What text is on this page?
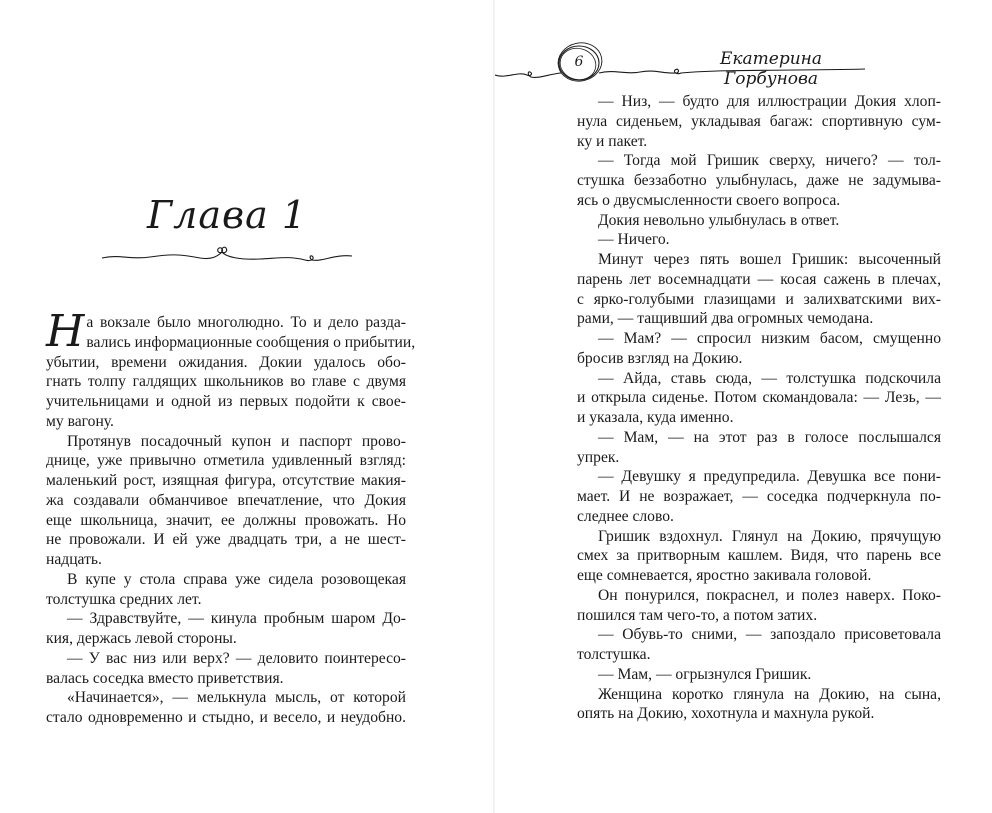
Глава 1
Н а вокзале было многолюдно. То и дело разда-
вались информационные сообщения о прибытии,
убытии, времени ожидания. Докии удалось обо-
гнать толпу галдящих школьников во главе с двумя
учительницами и одной из первых подойти к свое-
му вагону.
Протянув посадочный купон и паспорт прово-
днице, уже привычно отметила удивленный взгляд:
маленький рост, изящная фигура, отсутствие макия-
жа создавали обманчивое впечатление, что Докия
еще школьница, значит, ее должны провожать. Но
не провожали. И ей уже двадцать три, а не шест-
надцать.
В купе у стола справа уже сидела розовощекая
толстушка средних лет.
— Здравствуйте, — кинула пробным шаром До-
кия, держась левой стороны.
— У вас низ или верх? — деловито поинтересо-
валась соседка вместо приветствия.
«Начинается», — мелькнула мысль, от которой
стало одновременно и стыдно, и весело, и неудобно.
6	Екатерина Горбунова
— Низ, — будто для иллюстрации Докия хлоп-
нула сиденьем, укладывая багаж: спортивную сум-
ку и пакет.
— Тогда мой Гришик сверху, ничего? — тол-
стушка беззаботно улыбнулась, даже не задумыва-
ясь о двусмысленности своего вопроса.
Докия невольно улыбнулась в ответ.
— Ничего.
Минут через пять вошел Гришик: высоченный
парень лет восемнадцати — косая сажень в плечах,
с ярко-голубыми глазищами и залихватскими вих-
рами, — тащивший два огромных чемодана.
— Мам? — спросил низким басом, смущенно
бросив взгляд на Докию.
— Айда, ставь сюда, — толстушка подскочила
и открыла сиденье. Потом скомандовала: — Лезь, —
и указала, куда именно.
— Мам, — на этот раз в голосе послышался
упрек.
— Девушку я предупредила. Девушка все пони-
мает. И не возражает, — соседка подчеркнула по-
следнее слово.
Гришик вздохнул. Глянул на Докию, прячущую
смех за притворным кашлем. Видя, что парень все
еще сомневается, яростно закивала головой.
Он понурился, покраснел, и полез наверх. Поко-
пошился там чего-то, а потом затих.
— Обувь-то сними, — запоздало присоветовала
толстушка.
— Мам, — огрызнулся Гришик.
Женщина коротко глянула на Докию, на сына,
опять на Докию, хохотнула и махнула рукой.
